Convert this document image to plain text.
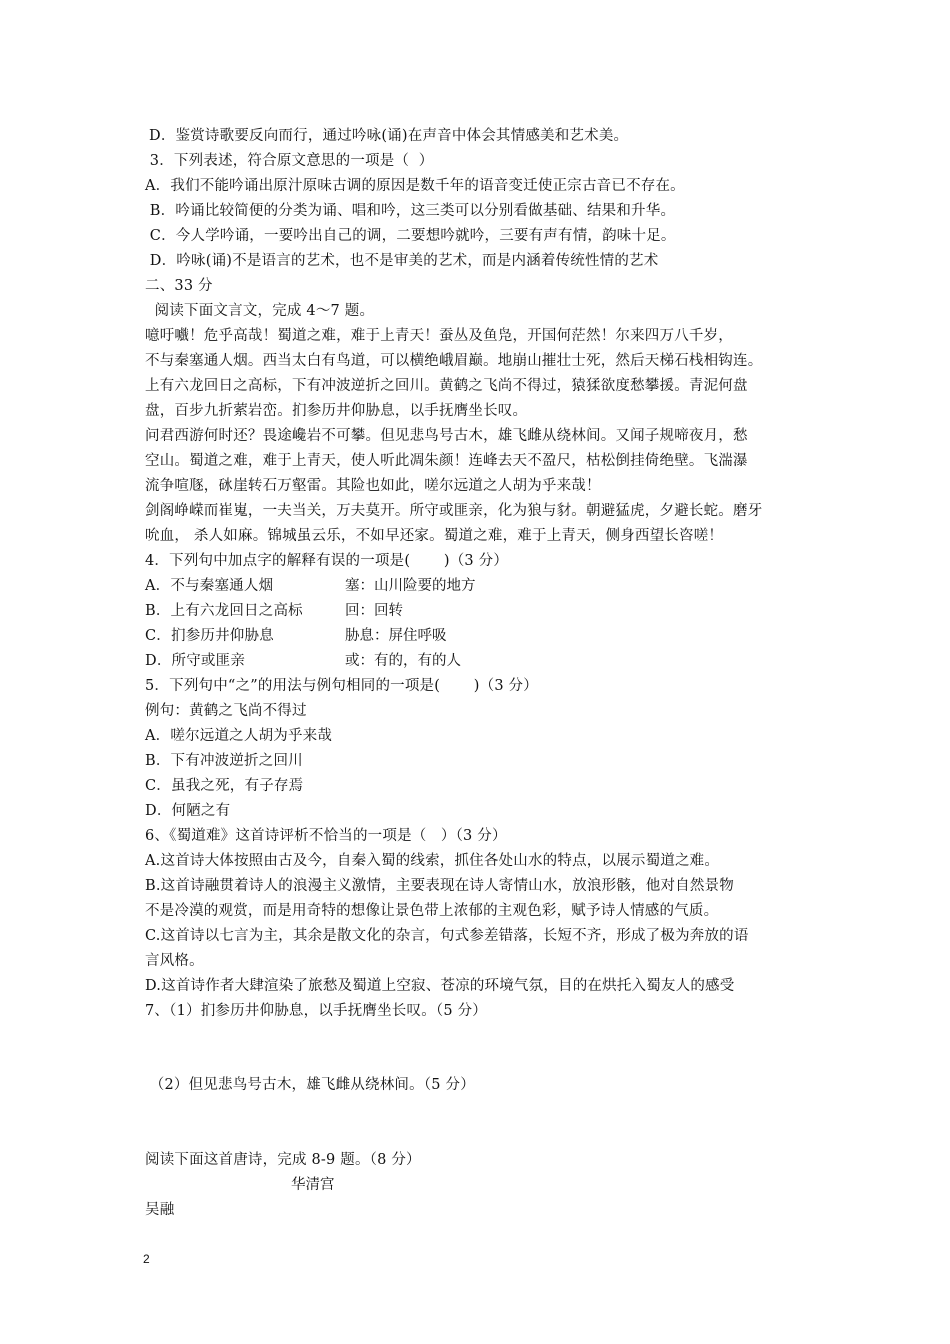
D．鉴赏诗歌要反向而行，通过吟咏(诵)在声音中体会其情感美和艺术美。
3．下列表述，符合原文意思的一项是（  ）
A．我们不能吟诵出原汁原味古调的原因是数千年的语音变迁使正宗古音已不存在。
B．吟诵比较简便的分类为诵、唱和吟，这三类可以分别看做基础、结果和升华。
C．今人学吟诵，一要吟出自己的调，二要想吟就吟，三要有声有情，韵味十足。
D．吟咏(诵)不是语言的艺术，也不是审美的艺术，而是内涵着传统性情的艺术
二、33 分
阅读下面文言文，完成 4～7 题。
噫吁嚱！危乎高哉！蜀道之难，难于上青天！蚕丛及鱼凫，开国何茫然！尔来四万八千岁，
不与秦塞通人烟。西当太白有鸟道，可以横绝峨眉巅。地崩山摧壮士死，然后天梯石栈相钩连。
上有六龙回日之高标，下有冲波逆折之回川。黄鹤之飞尚不得过，猿猱欲度愁攀援。青泥何盘
盘，百步九折萦岩峦。扪参历井仰胁息，以手抚膺坐长叹。
问君西游何时还？畏途巉岩不可攀。但见悲鸟号古木，雄飞雌从绕林间。又闻子规啼夜月，愁
空山。蜀道之难，难于上青天，使人听此凋朱颜！连峰去天不盈尺，枯松倒挂倚绝壁。飞湍瀑
流争喧豗，砯崖转石万壑雷。其险也如此，嗟尔远道之人胡为乎来哉！
剑阁峥嵘而崔嵬，一夫当关，万夫莫开。所守或匪亲，化为狼与豺。朝避猛虎，夕避长蛇。磨牙
吮血， 杀人如麻。锦城虽云乐，不如早还家。蜀道之难，难于上青天，侧身西望长咨嗟！
4．下列句中加点字的解释有误的一项是(       )（3 分）
5．下列句中“之”的用法与例句相同的一项是(       )（3 分）
例句：黄鹤之飞尚不得过
A．嗟尔远道之人胡为乎来哉
B．下有冲波逆折之回川
C．虽我之死，有子存焉
D．何陋之有
6、《蜀道难》这首诗评析不恰当的一项是（   ）（3 分）
A.这首诗大体按照由古及今，自秦入蜀的线索，抓住各处山水的特点，以展示蜀道之难。
B.这首诗融贯着诗人的浪漫主义激情，主要表现在诗人寄情山水，放浪形骸，他对自然景物
不是冷漠的观赏，而是用奇特的想像让景色带上浓郁的主观色彩，赋予诗人情感的气质。
C.这首诗以七言为主，其余是散文化的杂言，句式参差错落，长短不齐，形成了极为奔放的语
言风格。
D.这首诗作者大肆渲染了旅愁及蜀道上空寂、苍凉的环境气氛，目的在烘托入蜀友人的感受
7、（1）扪参历井仰胁息，以手抚膺坐长叹。（5 分）
（2）但见悲鸟号古木，雄飞雌从绕林间。（5 分）
阅读下面这首唐诗，完成 8-9 题。（8 分）
吴融
A．不与秦塞通人烟	塞：山川险要的地方
B．上有六龙回日之高标	回：回转
C．扪参历井仰胁息	胁息：屏住呼吸
D．所守或匪亲	或：有的，有的人
华清宫
2
